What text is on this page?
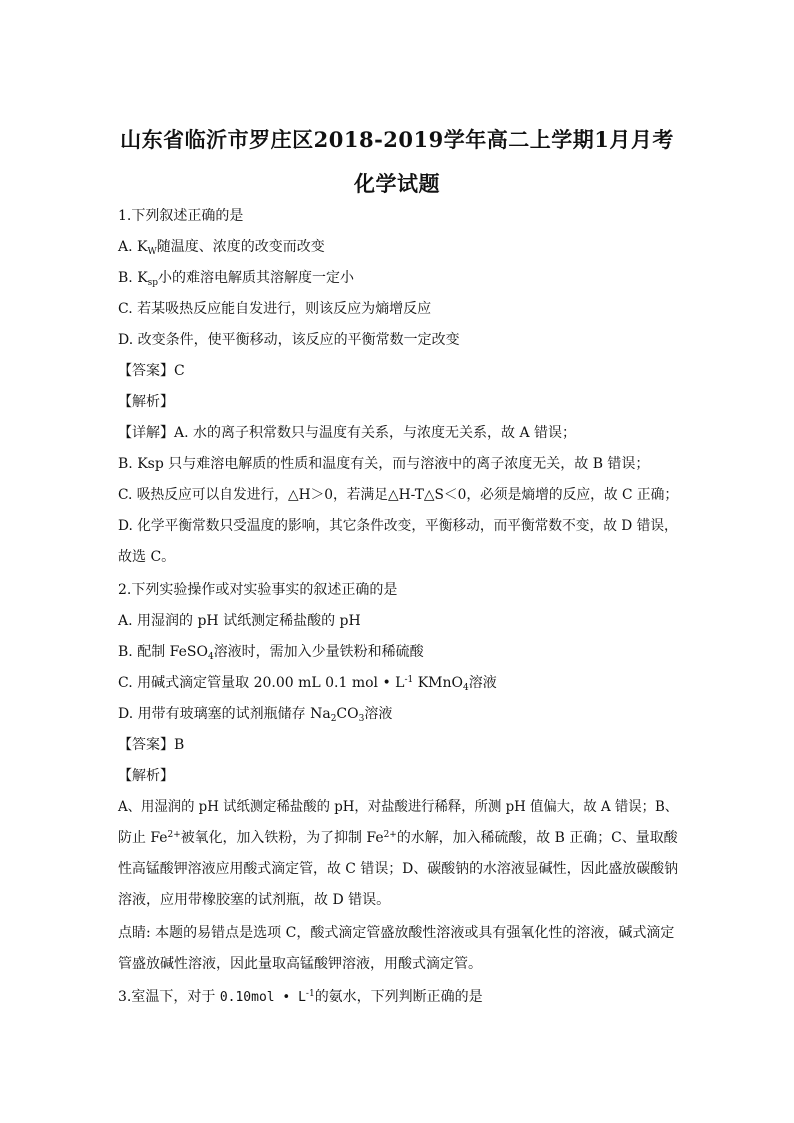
山东省临沂市罗庄区2018-2019学年高二上学期1月月考
化学试题
1.下列叙述正确的是
A. $K_W$随温度、浓度的改变而改变
B. $K_{sp}$小的难溶电解质其溶解度一定小
C. 若某吸热反应能自发进行，则该反应为熵增反应
D. 改变条件，使平衡移动，该反应的平衡常数一定改变
【答案】C
【解析】
【详解】A. 水的离子积常数只与温度有关系，与浓度无关系，故 A 错误；
B. Ksp 只与难溶电解质的性质和温度有关，而与溶液中的离子浓度无关，故 B 错误；
C. 吸热反应可以自发进行，△H＞0，若满足△H-T△S＜0，必须是熵增的反应，故 C 正确；
D. 化学平衡常数只受温度的影响，其它条件改变，平衡移动，而平衡常数不变，故 D 错误，
故选 C。
2.下列实验操作或对实验事实的叙述正确的是
A. 用湿润的 pH 试纸测定稀盐酸的 pH
B. 配制 FeSO$_4$溶液时，需加入少量铁粉和稀硫酸
C. 用碱式滴定管量取 20.00 mL 0.1 mol • $L^{-1}$ KMnO$_4$溶液
D. 用带有玻璃塞的试剂瓶储存 $Na_2CO_3$溶液
【答案】B
【解析】
A、用湿润的 pH 试纸测定稀盐酸的 pH，对盐酸进行稀释，所测 pH 值偏大，故 A 错误；B、
防止 $Fe^{2+}$被氧化，加入铁粉，为了抑制 $Fe^{2+}$的水解，加入稀硫酸，故 B 正确；C、量取酸
性高锰酸钾溶液应用酸式滴定管，故 C 错误；D、碳酸钠的水溶液显碱性，因此盛放碳酸钠
溶液，应用带橡胶塞的试剂瓶，故 D 错误。
点睛: 本题的易错点是选项 C，酸式滴定管盛放酸性溶液或具有强氧化性的溶液，碱式滴定
管盛放碱性溶液，因此量取高锰酸钾溶液，用酸式滴定管。
3.室温下，对于 0.10mol • $L^{-1}$的氨水，下列判断正确的是
